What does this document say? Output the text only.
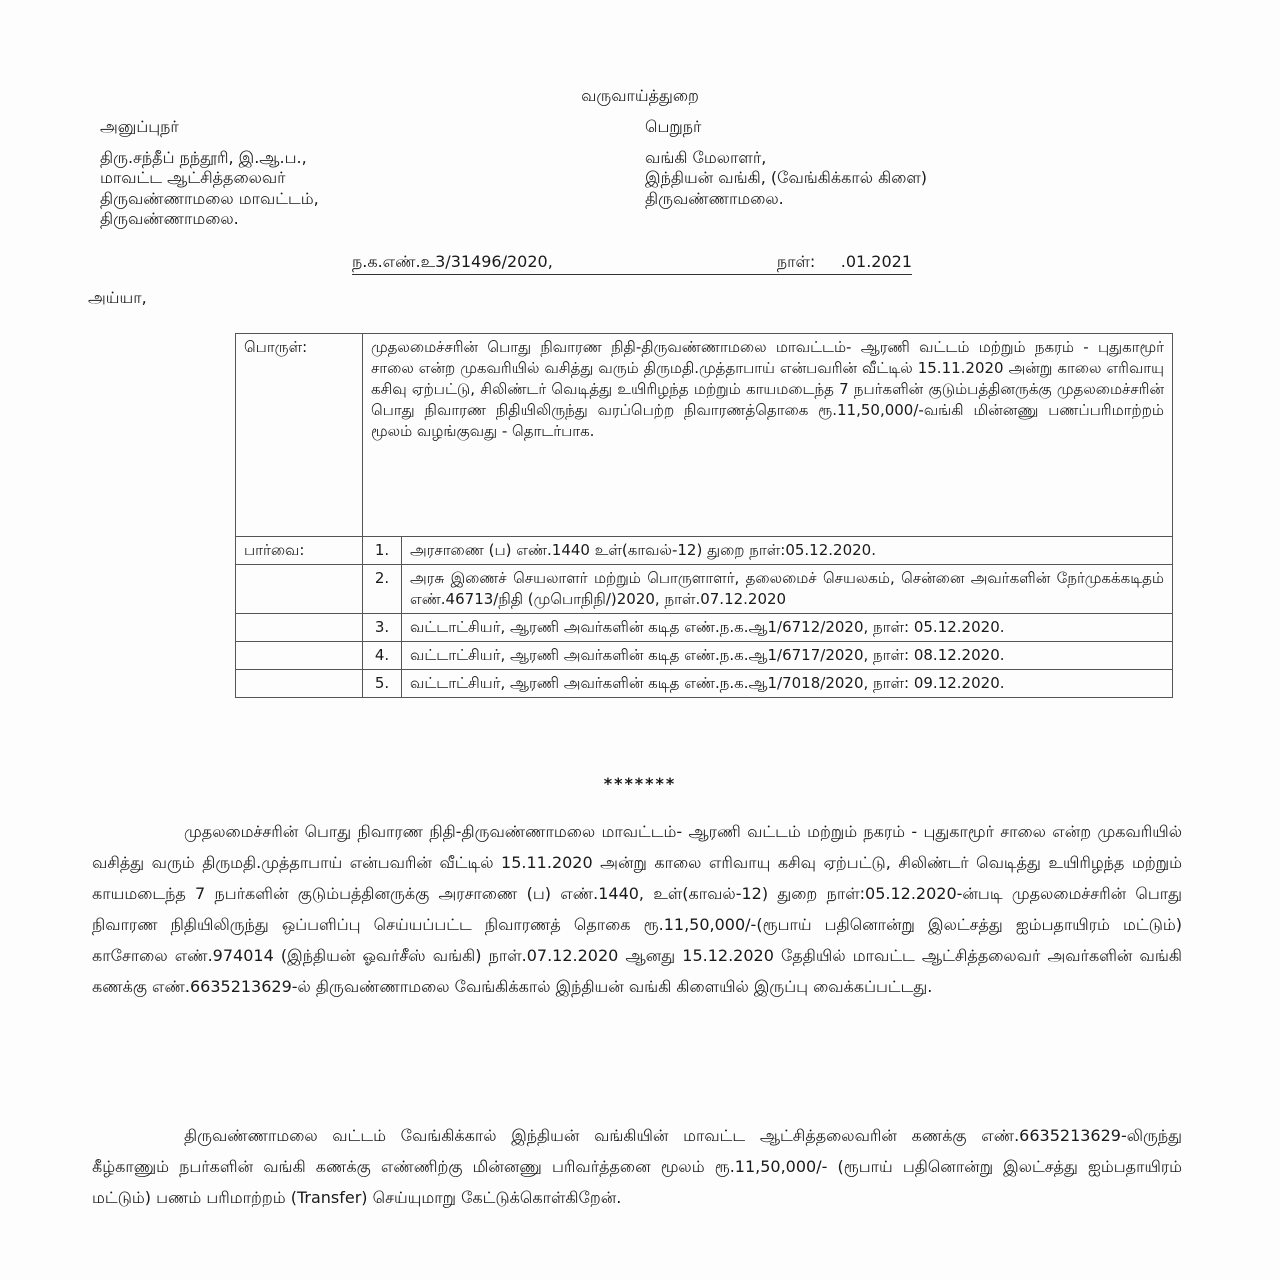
வருவாய்த்துறை
அனுப்புநர்
திரு.சந்தீப் நந்தூரி, இ.ஆ.ப.,
மாவட்ட ஆட்சித்தலைவர்
திருவண்ணாமலை மாவட்டம்,
திருவண்ணாமலை.
பெறுநர்
வங்கி மேலாளர்,
இந்தியன் வங்கி, (வேங்கிக்கால் கிளை)
திருவண்ணாமலை.
ந.க.எண்.உ3/31496/2020,	நாள்:     .01.2021
அய்யா,
பொருள்:	முதலமைச்சரின் பொது நிவாரண நிதி-திருவண்ணாமலை மாவட்டம்- ஆரணி வட்டம் மற்றும் நகரம் - புதுகாமூர் சாலை என்ற முகவரியில் வசித்து வரும் திருமதி.முத்தாபாய் என்பவரின் வீட்டில் 15.11.2020 அன்று காலை எரிவாயு கசிவு ஏற்பட்டு, சிலிண்டர் வெடித்து உயிரிழந்த மற்றும் காயமடைந்த 7 நபர்களின் குடும்பத்தினருக்கு முதலமைச்சரின் பொது நிவாரண நிதியிலிருந்து வரப்பெற்ற நிவாரணத்தொகை ரூ.11,50,000/-வங்கி மின்னணு பணப்பரிமாற்றம் மூலம் வழங்குவது - தொடர்பாக.	
பார்வை:	1.	அரசாணை (ப) எண்.1440 உள்(காவல்-12) துறை நாள்:05.12.2020.
	2.	அரசு இணைச் செயலாளர் மற்றும் பொருளாளர், தலைமைச் செயலகம், சென்னை அவர்களின் நேர்முகக்கடிதம் எண்.46713/நிதி (முபொநிநி/)2020, நாள்.07.12.2020
	3.	வட்டாட்சியர், ஆரணி அவர்களின் கடித எண்.ந.க.ஆ1/6712/2020, நாள்: 05.12.2020.
	4.	வட்டாட்சியர், ஆரணி அவர்களின் கடித எண்.ந.க.ஆ1/6717/2020, நாள்: 08.12.2020.
	5.	வட்டாட்சியர், ஆரணி அவர்களின் கடித எண்.ந.க.ஆ1/7018/2020, நாள்: 09.12.2020.
*******
முதலமைச்சரின் பொது நிவாரண நிதி-திருவண்ணாமலை மாவட்டம்- ஆரணி வட்டம் மற்றும் நகரம் - புதுகாமூர் சாலை என்ற முகவரியில் வசித்து வரும் திருமதி.முத்தாபாய் என்பவரின் வீட்டில் 15.11.2020 அன்று காலை எரிவாயு கசிவு ஏற்பட்டு, சிலிண்டர் வெடித்து உயிரிழந்த மற்றும் காயமடைந்த 7 நபர்களின் குடும்பத்தினருக்கு அரசாணை (ப) எண்.1440, உள்(காவல்-12) துறை நாள்:05.12.2020-ன்படி முதலமைச்சரின் பொது நிவாரண நிதியிலிருந்து ஒப்பளிப்பு செய்யப்பட்ட நிவாரணத் தொகை ரூ.11,50,000/-(ரூபாய் பதினொன்று இலட்சத்து ஐம்பதாயிரம் மட்டும்) காசோலை எண்.974014 (இந்தியன் ஓவர்சீஸ் வங்கி) நாள்.07.12.2020 ஆனது 15.12.2020 தேதியில் மாவட்ட ஆட்சித்தலைவர் அவர்களின் வங்கி கணக்கு எண்.6635213629-ல் திருவண்ணாமலை வேங்கிக்கால் இந்தியன் வங்கி கிளையில் இருப்பு வைக்கப்பட்டது.
திருவண்ணாமலை வட்டம் வேங்கிக்கால் இந்தியன் வங்கியின் மாவட்ட ஆட்சித்தலைவரின் கணக்கு எண்.6635213629-லிருந்து கீழ்காணும் நபர்களின் வங்கி கணக்கு எண்ணிற்கு மின்னணு பரிவர்த்தனை மூலம் ரூ.11,50,000/- (ரூபாய் பதினொன்று இலட்சத்து ஐம்பதாயிரம் மட்டும்) பணம் பரிமாற்றம் (Transfer) செய்யுமாறு கேட்டுக்கொள்கிறேன்.
